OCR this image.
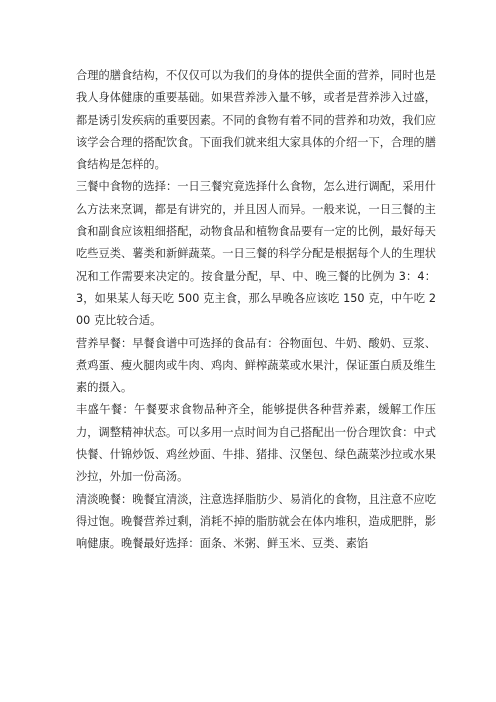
合理的膳食结构，不仅仅可以为我们的身体的提供全面的营养，同时也是我人身体健康的重要基础。如果营养涉入量不够，或者是营养涉入过盛，都是诱引发疾病的重要因素。不同的食物有着不同的营养和功效，我们应该学会合理的搭配饮食。下面我们就来组大家具体的介绍一下，合理的膳食结构是怎样的。

三餐中食物的选择：一日三餐究竟选择什么食物，怎么进行调配，采用什么方法来烹调，都是有讲究的，并且因人而异。一般来说，一日三餐的主食和副食应该粗细搭配，动物食品和植物食品要有一定的比例，最好每天吃些豆类、薯类和新鲜蔬菜。一日三餐的科学分配是根据每个人的生理状况和工作需要来决定的。按食量分配，早、中、晚三餐的比例为 3：4：3，如果某人每天吃 500 克主食，那么早晚各应该吃 150 克，中午吃 200 克比较合适。

营养早餐：早餐食谱中可选择的食品有：谷物面包、牛奶、酸奶、豆浆、煮鸡蛋、瘦火腿肉或牛肉、鸡肉、鲜榨蔬菜或水果汁，保证蛋白质及维生素的摄入。

丰盛午餐：午餐要求食物品种齐全，能够提供各种营养素，缓解工作压力，调整精神状态。可以多用一点时间为自己搭配出一份合理饮食：中式快餐、什锦炒饭、鸡丝炒面、牛排、猪排、汉堡包、绿色蔬菜沙拉或水果沙拉，外加一份高汤。

清淡晚餐：晚餐宜清淡，注意选择脂肪少、易消化的食物，且注意不应吃得过饱。晚餐营养过剩，消耗不掉的脂肪就会在体内堆积，造成肥胖，影响健康。晚餐最好选择：面条、米粥、鲜玉米、豆类、素馅
